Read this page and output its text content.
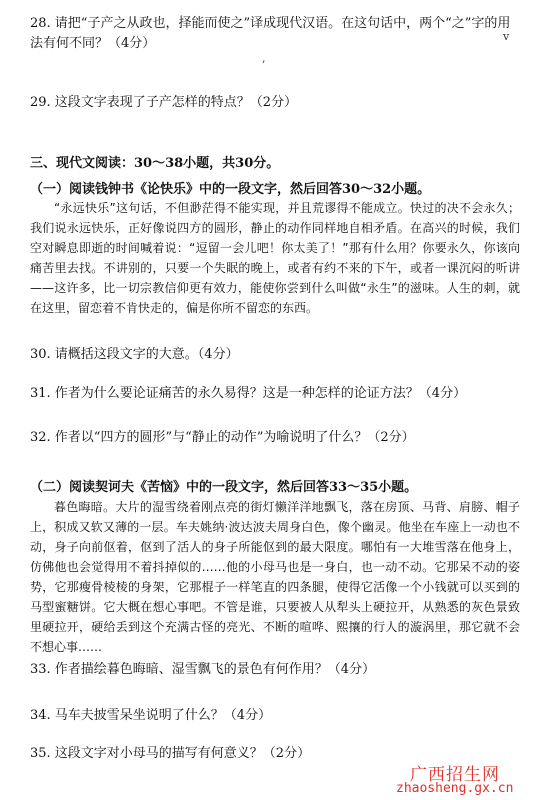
28. 请把“子产之从政也，择能而使之”译成现代汉语。在这句话中，两个“之”字的用法有何不同？（4分）	ⅴ
,
29. 这段文字表现了子产怎样的特点？（2分）
三、现代文阅读：30～38小题，共30分。
（一）阅读钱钟书《论快乐》中的一段文字，然后回答30～32小题。
“永远快乐”这句话，不但渺茫得不能实现，并且荒谬得不能成立。快过的决不会永久；我们说永远快乐，正好像说四方的圆形，静止的动作同样地自相矛盾。在高兴的时候，我们空对瞬息即逝的时间喊着说：“逗留一会儿吧！你太美了！”那有什么用？你要永久，你该向痛苦里去找。不讲别的，只要一个失眠的晚上，或者有约不来的下午，或者一课沉闷的听讲——这许多，比一切宗教信仰更有效力，能使你尝到什么叫做“永生”的滋味。人生的刺，就在这里，留恋着不肯快走的，偏是你所不留恋的东西。
30. 请概括这段文字的大意。（4分）
31. 作者为什么要论证痛苦的永久易得？这是一种怎样的论证方法？（4分）
32. 作者以“四方的圆形”与“静止的动作”为喻说明了什么？（2分）
（二）阅读契诃夫《苦恼》中的一段文字，然后回答33～35小题。
暮色晦暗。大片的湿雪绕着刚点亮的街灯懒洋洋地飘飞，落在房顶、马背、肩膀、帽子上，积成又软又薄的一层。车夫姚纳·波达波夫周身白色，像个幽灵。他坐在车座上一动也不动，身子向前伛着，伛到了活人的身子所能伛到的最大限度。哪怕有一大堆雪落在他身上，仿佛他也会觉得用不着抖掉似的……他的小母马也是一身白，也一动不动。它那呆不动的姿势，它那瘦骨棱棱的身架，它那棍子一样笔直的四条腿，使得它活像一个小钱就可以买到的马型蜜糖饼。它大概在想心事吧。不管是谁，只要被人从犁头上硬拉开，从熟悉的灰色景致里硬拉开，硬给丢到这个充满古怪的亮光、不断的喧哗、熙攘的行人的漩涡里，那它就不会不想心事……
33. 作者描绘暮色晦暗、湿雪飘飞的景色有何作用？（4分）
34. 马车夫披雪呆坐说明了什么？（4分）
35. 这段文字对小母马的描写有何意义？（2分）
广西招生网
zhaosheng.gx.cn
